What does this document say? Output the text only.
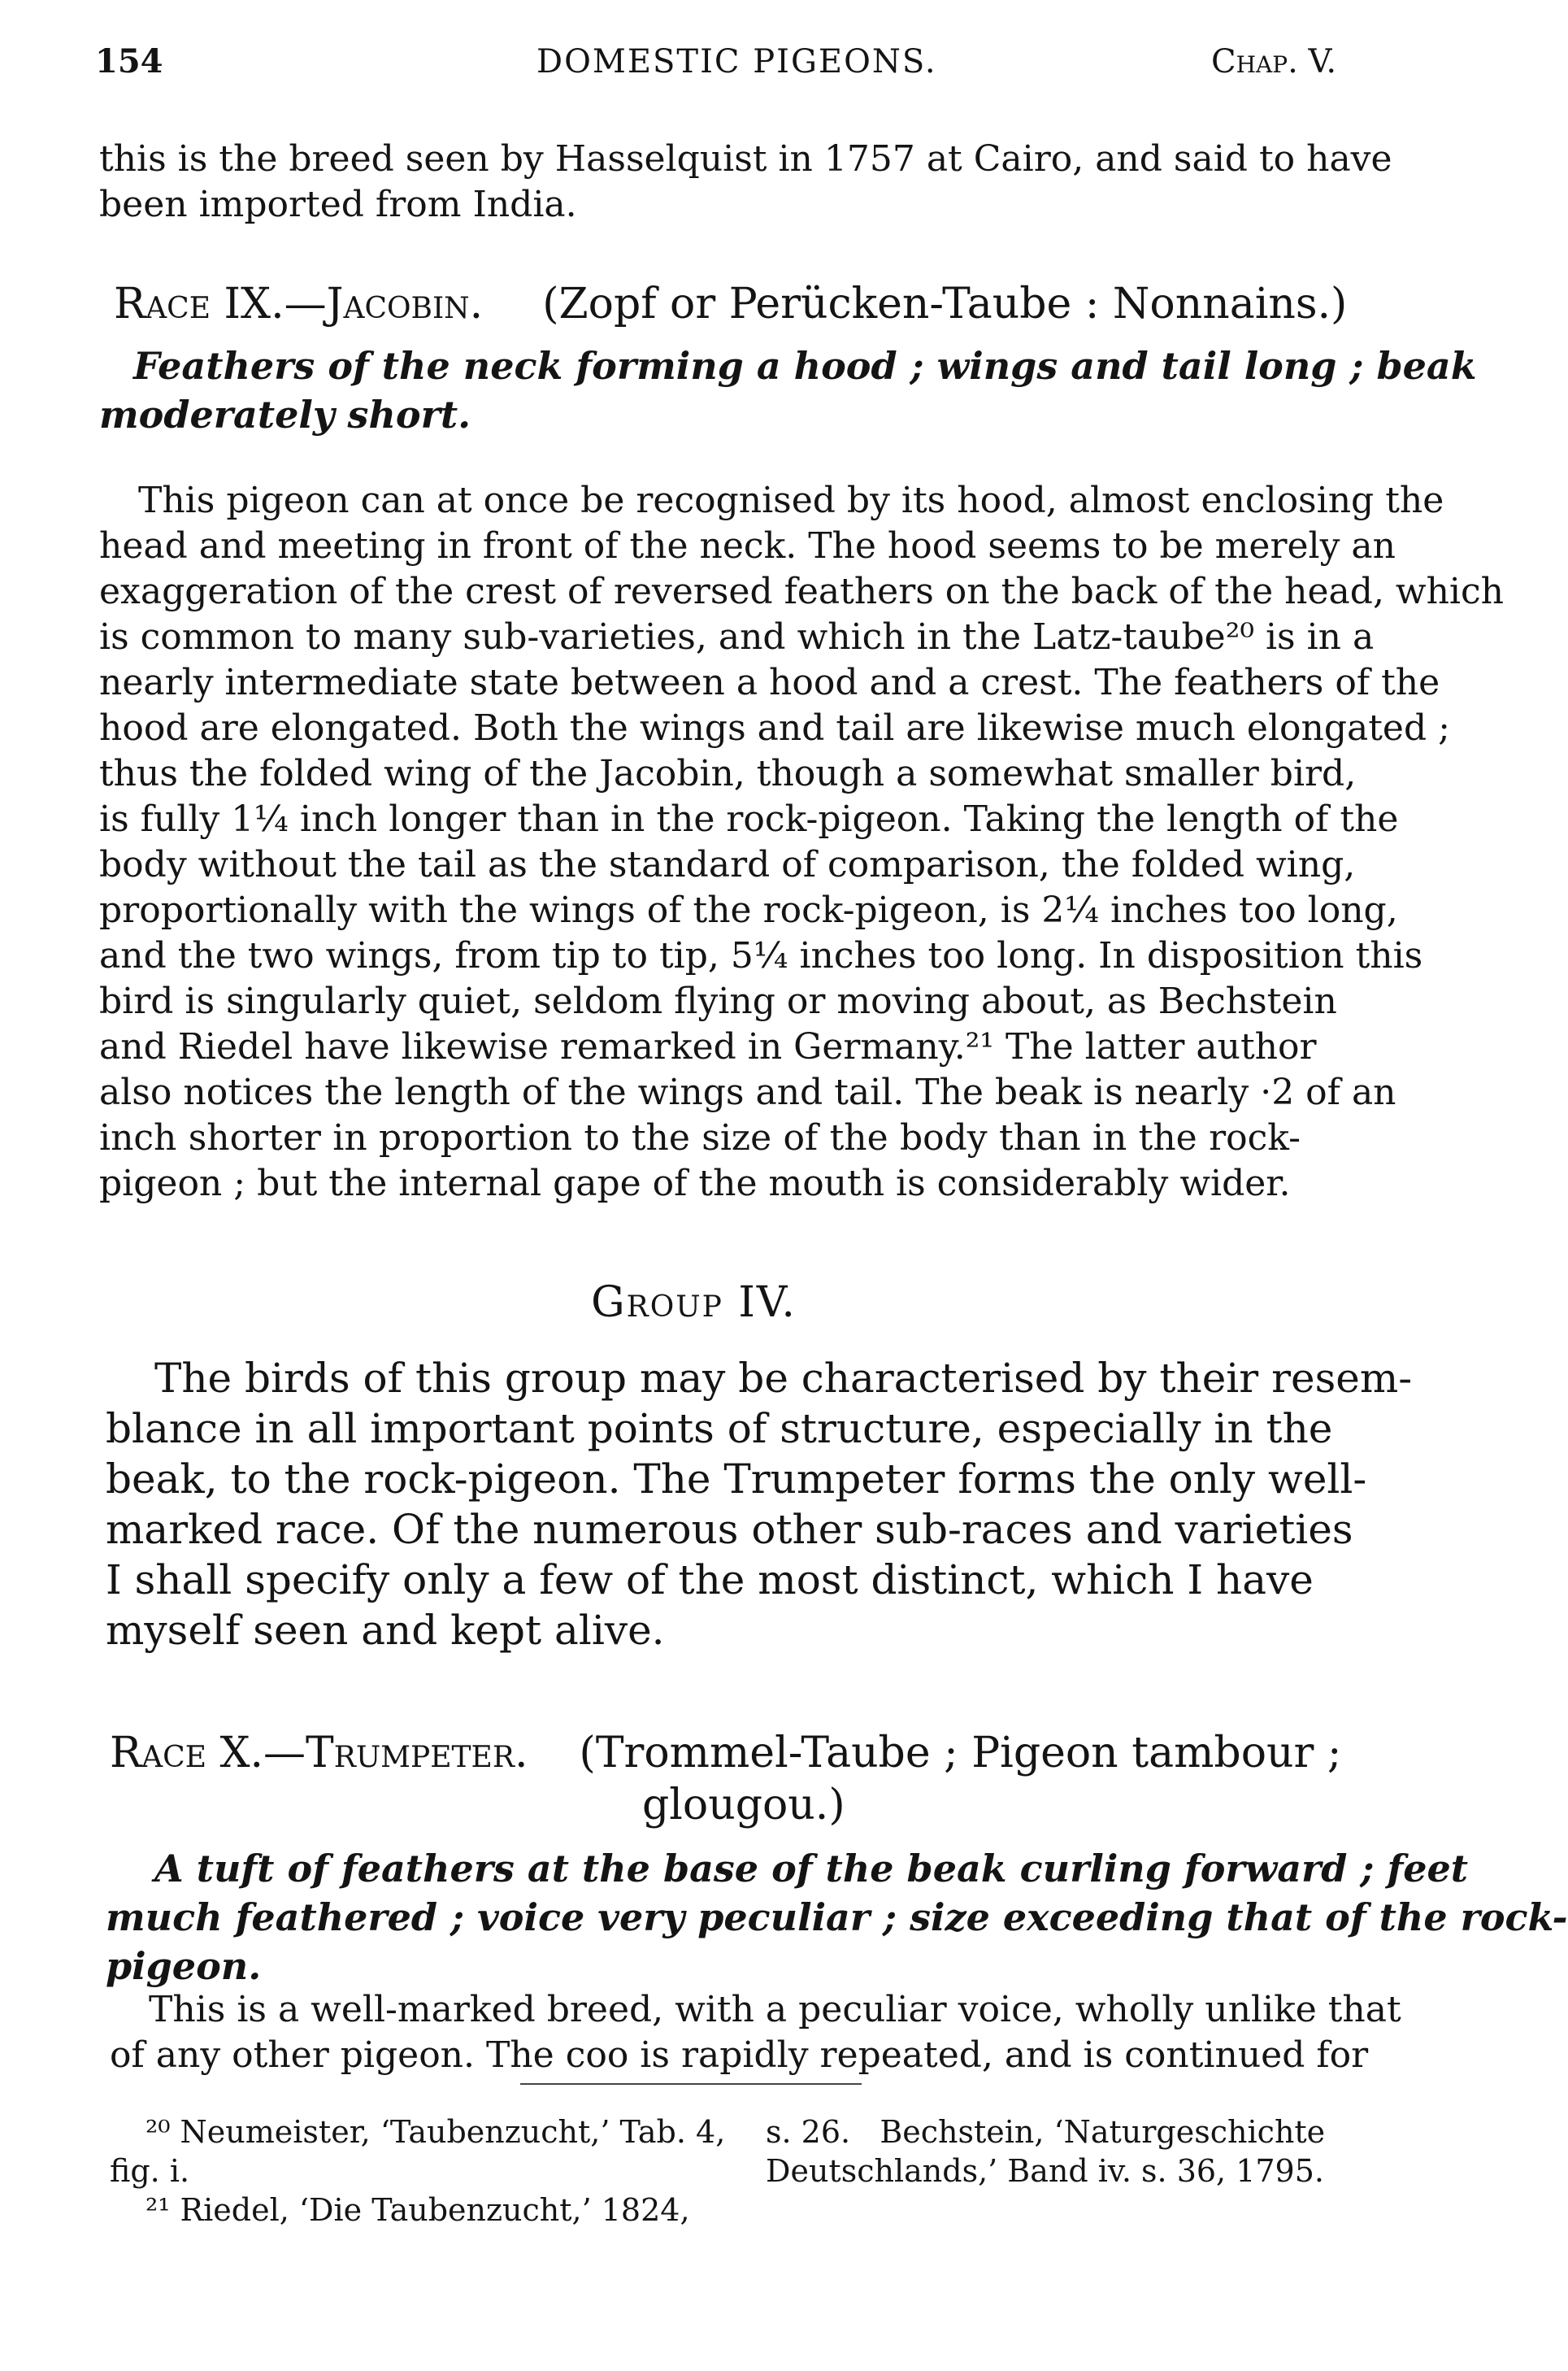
154	DOMESTIC PIGEONS.	Chap. V.
this is the breed seen by Hasselquist in 1757 at Cairo, and said to have
been imported from India.
Race IX.—Jacobin. (Zopf or Perücken-Taube : Nonnains.)
Feathers of the neck forming a hood ; wings and tail long ; beak
moderately short.
This pigeon can at once be recognised by its hood, almost enclosing the
head and meeting in front of the neck. The hood seems to be merely an
exaggeration of the crest of reversed feathers on the back of the head, which
is common to many sub-varieties, and which in the Latz-taube²⁰ is in a
nearly intermediate state between a hood and a crest. The feathers of the
hood are elongated. Both the wings and tail are likewise much elongated ;
thus the folded wing of the Jacobin, though a somewhat smaller bird,
is fully 1¼ inch longer than in the rock-pigeon. Taking the length of the
body without the tail as the standard of comparison, the folded wing,
proportionally with the wings of the rock-pigeon, is 2¼ inches too long,
and the two wings, from tip to tip, 5¼ inches too long. In disposition this
bird is singularly quiet, seldom flying or moving about, as Bechstein
and Riedel have likewise remarked in Germany.²¹ The latter author
also notices the length of the wings and tail. The beak is nearly ·2 of an
inch shorter in proportion to the size of the body than in the rock-
pigeon ; but the internal gape of the mouth is considerably wider.
Group IV.
The birds of this group may be characterised by their resem-
blance in all important points of structure, especially in the
beak, to the rock-pigeon. The Trumpeter forms the only well-
marked race. Of the numerous other sub-races and varieties
I shall specify only a few of the most distinct, which I have
myself seen and kept alive.
Race X.—Trumpeter. (Trommel-Taube ; Pigeon tambour ;
glougou.)
A tuft of feathers at the base of the beak curling forward ; feet
much feathered ; voice very peculiar ; size exceeding that of the rock-
pigeon.
This is a well-marked breed, with a peculiar voice, wholly unlike that
of any other pigeon. The coo is rapidly repeated, and is continued for
²⁰ Neumeister, ‘Taubenzucht,’ Tab. 4,
fig. i.
²¹ Riedel, ‘Die Taubenzucht,’ 1824,
s. 26.   Bechstein, ‘Naturgeschichte
Deutschlands,’ Band iv. s. 36, 1795.
